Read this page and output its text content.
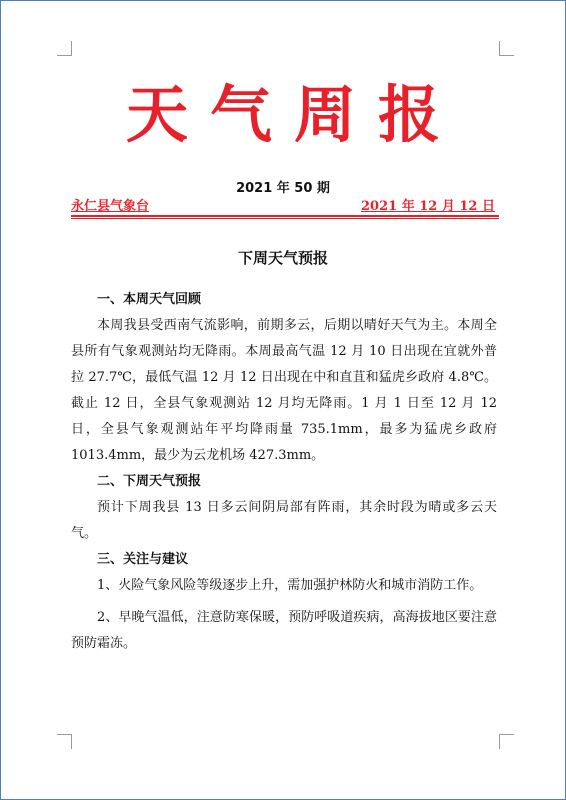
天气周报
2021 年 50 期
永仁县气象台	2021 年 12 月 12 日
下周天气预报
一、本周天气回顾

本周我县受西南气流影响，前期多云，后期以晴好天气为主。本周全县所有气象观测站均无降雨。本周最高气温 12 月 10 日出现在宜就外普拉 27.7℃，最低气温 12 月 12 日出现在中和直苴和猛虎乡政府 4.8℃。截止 12 日，全县气象观测站 12 月均无降雨。1 月 1 日至 12 月 12 日，全县气象观测站年平均降雨量 735.1mm，最多为猛虎乡政府 1013.4mm，最少为云龙机场 427.3mm。

二、下周天气预报

预计下周我县 13 日多云间阴局部有阵雨，其余时段为晴或多云天气。

三、关注与建议

1、火险气象风险等级逐步上升，需加强护林防火和城市消防工作。

2、早晚气温低，注意防寒保暖，预防呼吸道疾病，高海拔地区要注意预防霜冻。
